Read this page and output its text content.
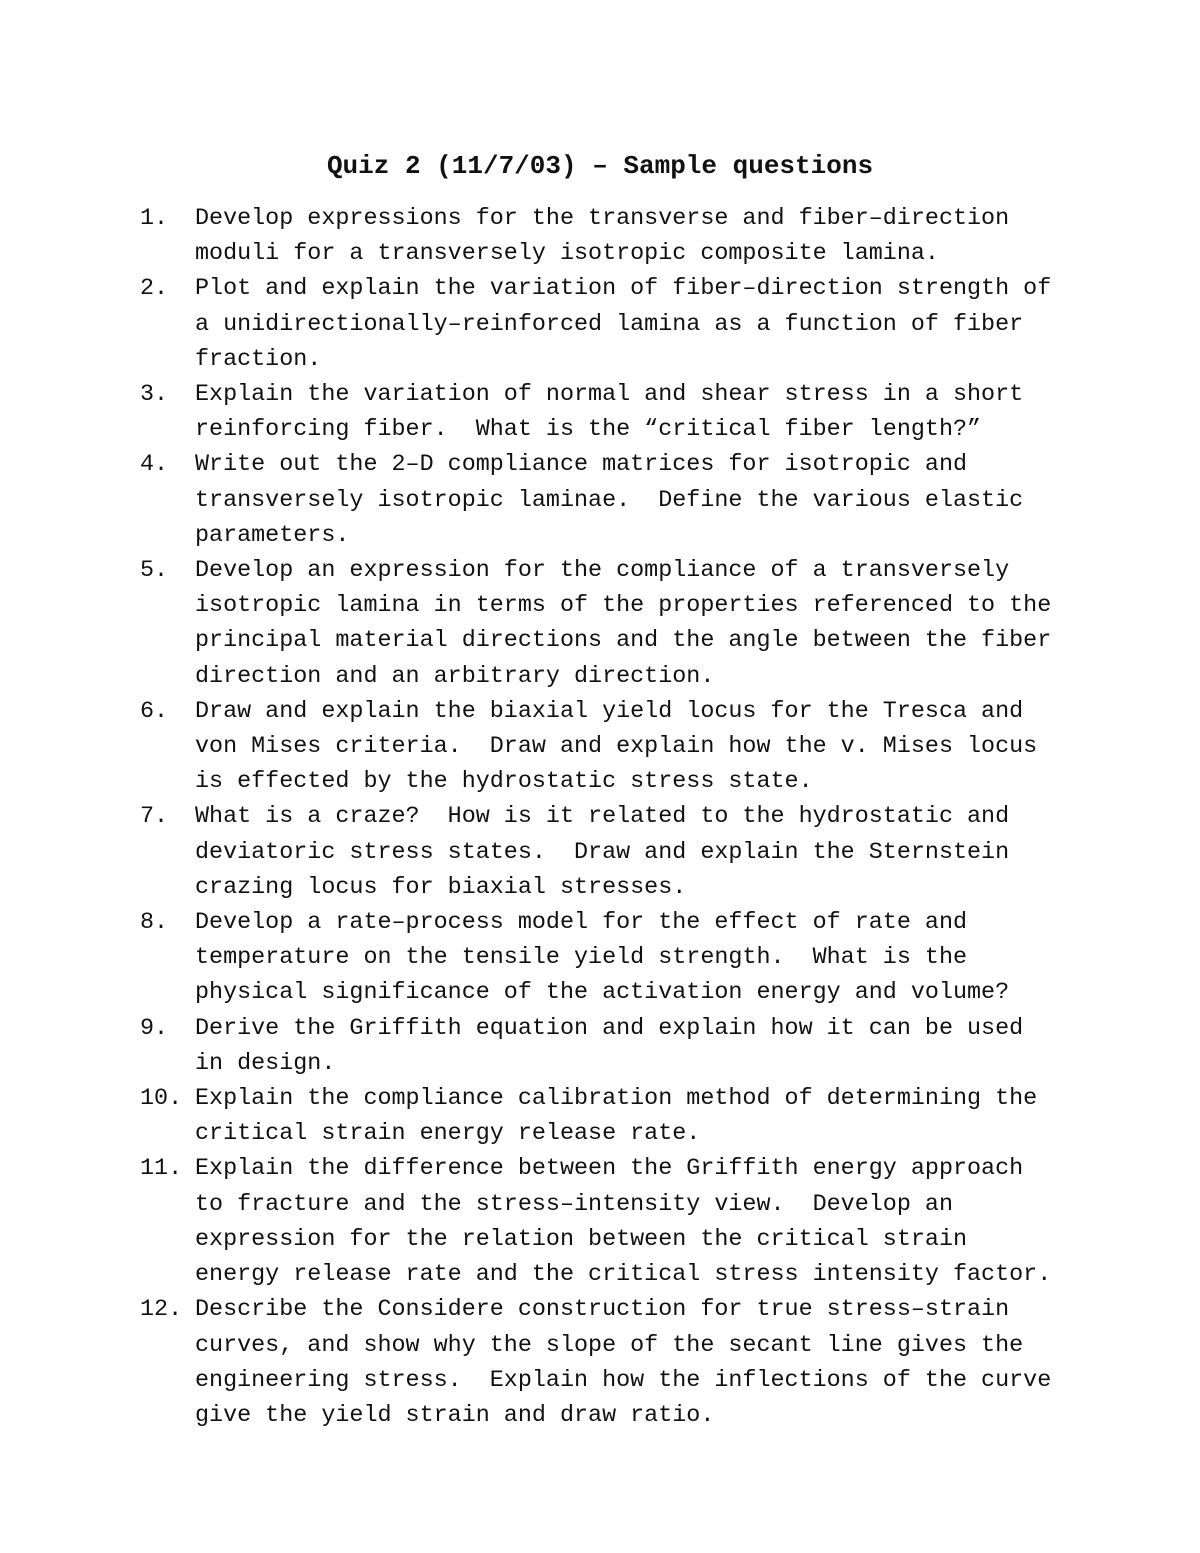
Quiz 2 (11/7/03) – Sample questions
1. Develop expressions for the transverse and fiber–direction
moduli for a transversely isotropic composite lamina.
2. Plot and explain the variation of fiber–direction strength of
a unidirectionally–reinforced lamina as a function of fiber
fraction.
3. Explain the variation of normal and shear stress in a short
reinforcing fiber.  What is the “critical fiber length?”
4. Write out the 2–D compliance matrices for isotropic and
transversely isotropic laminae.  Define the various elastic
parameters.
5. Develop an expression for the compliance of a transversely
isotropic lamina in terms of the properties referenced to the
principal material directions and the angle between the fiber
direction and an arbitrary direction.
6. Draw and explain the biaxial yield locus for the Tresca and
von Mises criteria.  Draw and explain how the v. Mises locus
is effected by the hydrostatic stress state.
7. What is a craze?  How is it related to the hydrostatic and
deviatoric stress states.  Draw and explain the Sternstein
crazing locus for biaxial stresses.
8. Develop a rate–process model for the effect of rate and
temperature on the tensile yield strength.  What is the
physical significance of the activation energy and volume?
9. Derive the Griffith equation and explain how it can be used
in design.
10. Explain the compliance calibration method of determining the
critical strain energy release rate.
11. Explain the difference between the Griffith energy approach
to fracture and the stress–intensity view.  Develop an
expression for the relation between the critical strain
energy release rate and the critical stress intensity factor.
12. Describe the Considere construction for true stress–strain
curves, and show why the slope of the secant line gives the
engineering stress.  Explain how the inflections of the curve
give the yield strain and draw ratio.
